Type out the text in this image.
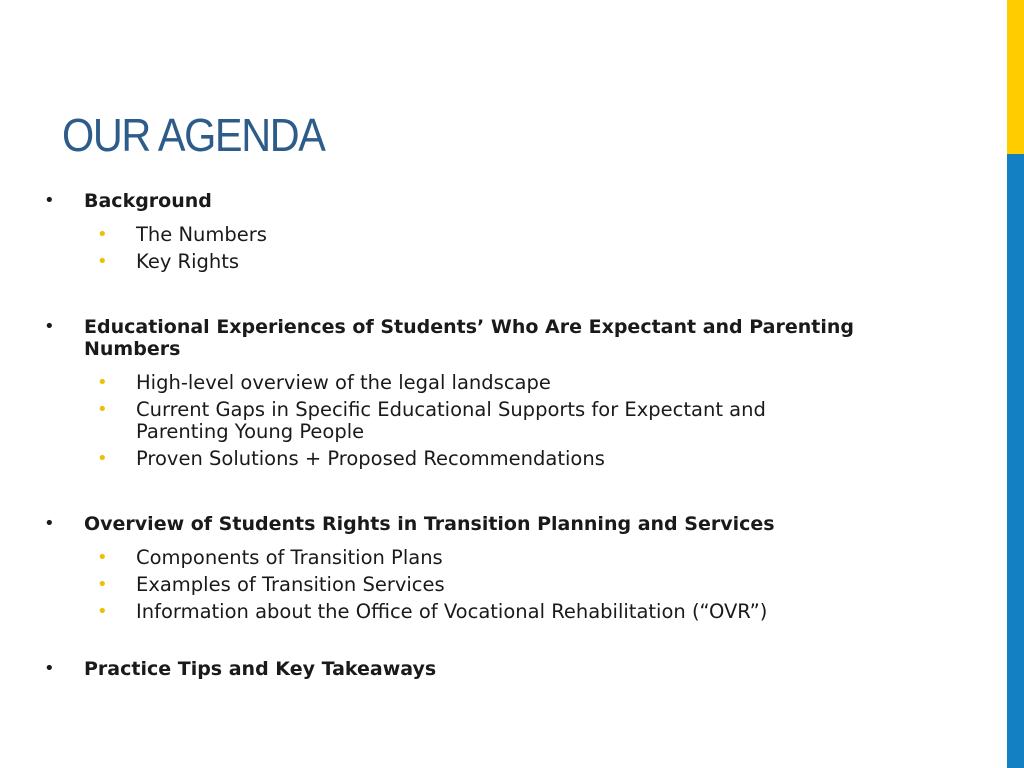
OUR AGENDA
• Background
• The Numbers
• Key Rights
• Educational Experiences of Students’ Who Are Expectant and Parenting Numbers
• High-level overview of the legal landscape
• Current Gaps in Specific Educational Supports for Expectant and Parenting Young People
• Proven Solutions + Proposed Recommendations
• Overview of Students Rights in Transition Planning and Services
• Components of Transition Plans
• Examples of Transition Services
• Information about the Office of Vocational Rehabilitation (“OVR”)
• Practice Tips and Key Takeaways
